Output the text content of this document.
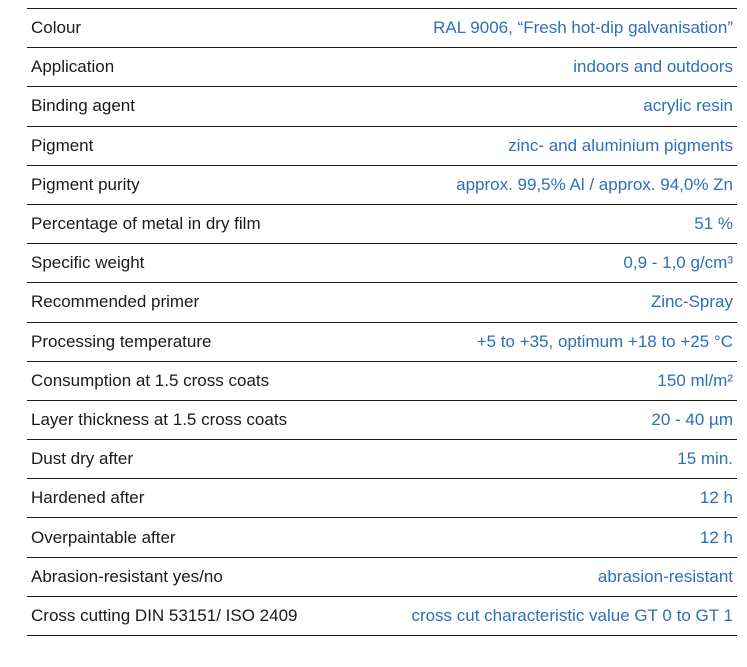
Colour	RAL 9006, “Fresh hot-dip galvanisation”
Application	indoors and outdoors
Binding agent	acrylic resin
Pigment	zinc- and aluminium pigments
Pigment purity	approx. 99,5% Al / approx. 94,0% Zn
Percentage of metal in dry film	51 %
Specific weight	0,9 - 1,0 g/cm³
Recommended primer	Zinc-Spray
Processing temperature	+5 to +35, optimum +18 to +25 °C
Consumption at 1.5 cross coats	150 ml/m²
Layer thickness at 1.5 cross coats	20 - 40 µm
Dust dry after	15 min.
Hardened after	12 h
Overpaintable after	12 h
Abrasion-resistant yes/no	abrasion-resistant
Cross cutting DIN 53151/ ISO 2409	cross cut characteristic value GT 0 to GT 1
